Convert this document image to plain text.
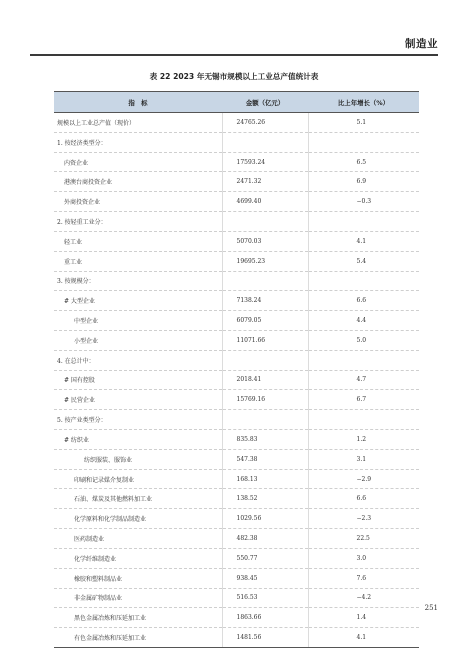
制造业
表 22 2023 年无锡市规模以上工业总产值统计表
指　标	金额（亿元）	比上年增长（%）
规模以上工业总产值（现价）	24765.26	5.1
1. 按经济类型分：		
内资企业	17593.24	6.5
港澳台商投资企业	2471.32	6.9
外商投资企业	4699.40	−0.3
2. 按轻重工业分：		
轻工业	5070.03	4.1
重工业	19695.23	5.4
3. 按规模分：		
# 大型企业	7138.24	6.6
中型企业	6079.05	4.4
小型企业	11071.66	5.0
4. 在总计中：		
# 国有控股	2018.41	4.7
# 民营企业	15769.16	6.7
5. 按产业类型分：		
# 纺织业	835.83	1.2
纺织服装、服饰业	547.38	3.1
印刷和记录媒介复制业	168.13	−2.9
石油、煤炭及其他燃料加工业	138.52	6.6
化学原料和化学制品制造业	1029.56	−2.3
医药制造业	482.38	22.5
化学纤维制造业	550.77	3.0
橡胶和塑料制品业	938.45	7.6
非金属矿物制品业	516.53	−4.2
黑色金属冶炼和压延加工业	1863.66	1.4
有色金属冶炼和压延加工业	1481.56	4.1
251
